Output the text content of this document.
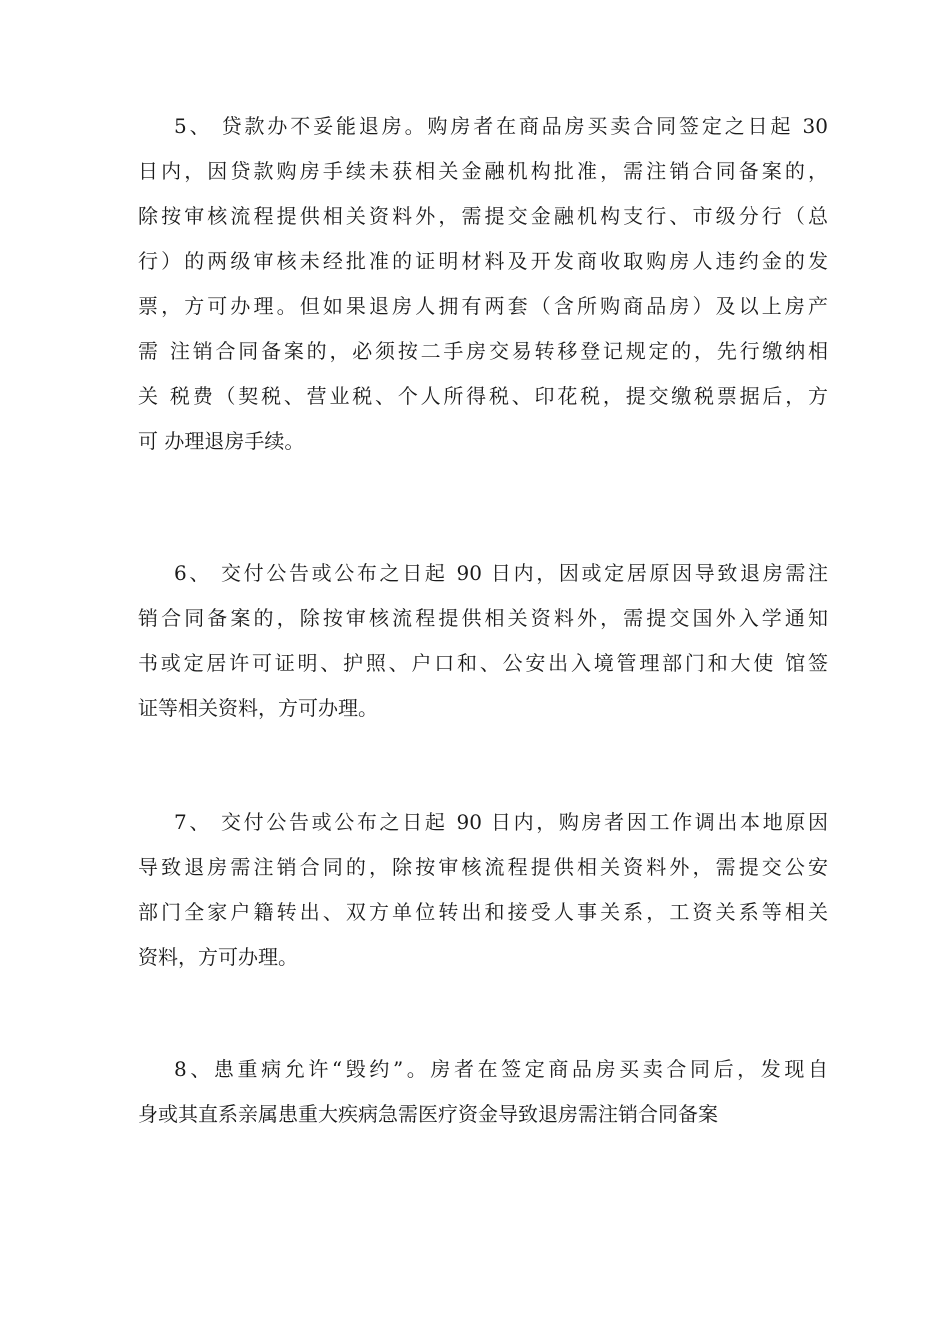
5、 贷款办不妥能退房。购房者在商品房买卖合同签定之日起 30
日内，因贷款购房手续未获相关金融机构批准，需注销合同备案的，
除按审核流程提供相关资料外，需提交金融机构支行、市级分行（总
行）的两级审核未经批准的证明材料及开发商收取购房人违约金的发
票，方可办理。但如果退房人拥有两套（含所购商品房）及以上房产
需 注销合同备案的，必须按二手房交易转移登记规定的，先行缴纳相
关 税费（契税、营业税、个人所得税、印花税，提交缴税票据后，方
可 办理退房手续。
6、 交付公告或公布之日起 90 日内，因或定居原因导致退房需注
销合同备案的，除按审核流程提供相关资料外，需提交国外入学通知
书或定居许可证明、护照、户口和、公安出入境管理部门和大使 馆签
证等相关资料，方可办理。
7、 交付公告或公布之日起 90 日内，购房者因工作调出本地原因
导致退房需注销合同的，除按审核流程提供相关资料外，需提交公安
部门全家户籍转出、双方单位转出和接受人事关系，工资关系等相关
资料，方可办理。
8、患重病允许“毁约”。房者在签定商品房买卖合同后，发现自
身或其直系亲属患重大疾病急需医疗资金导致退房需注销合同备案
